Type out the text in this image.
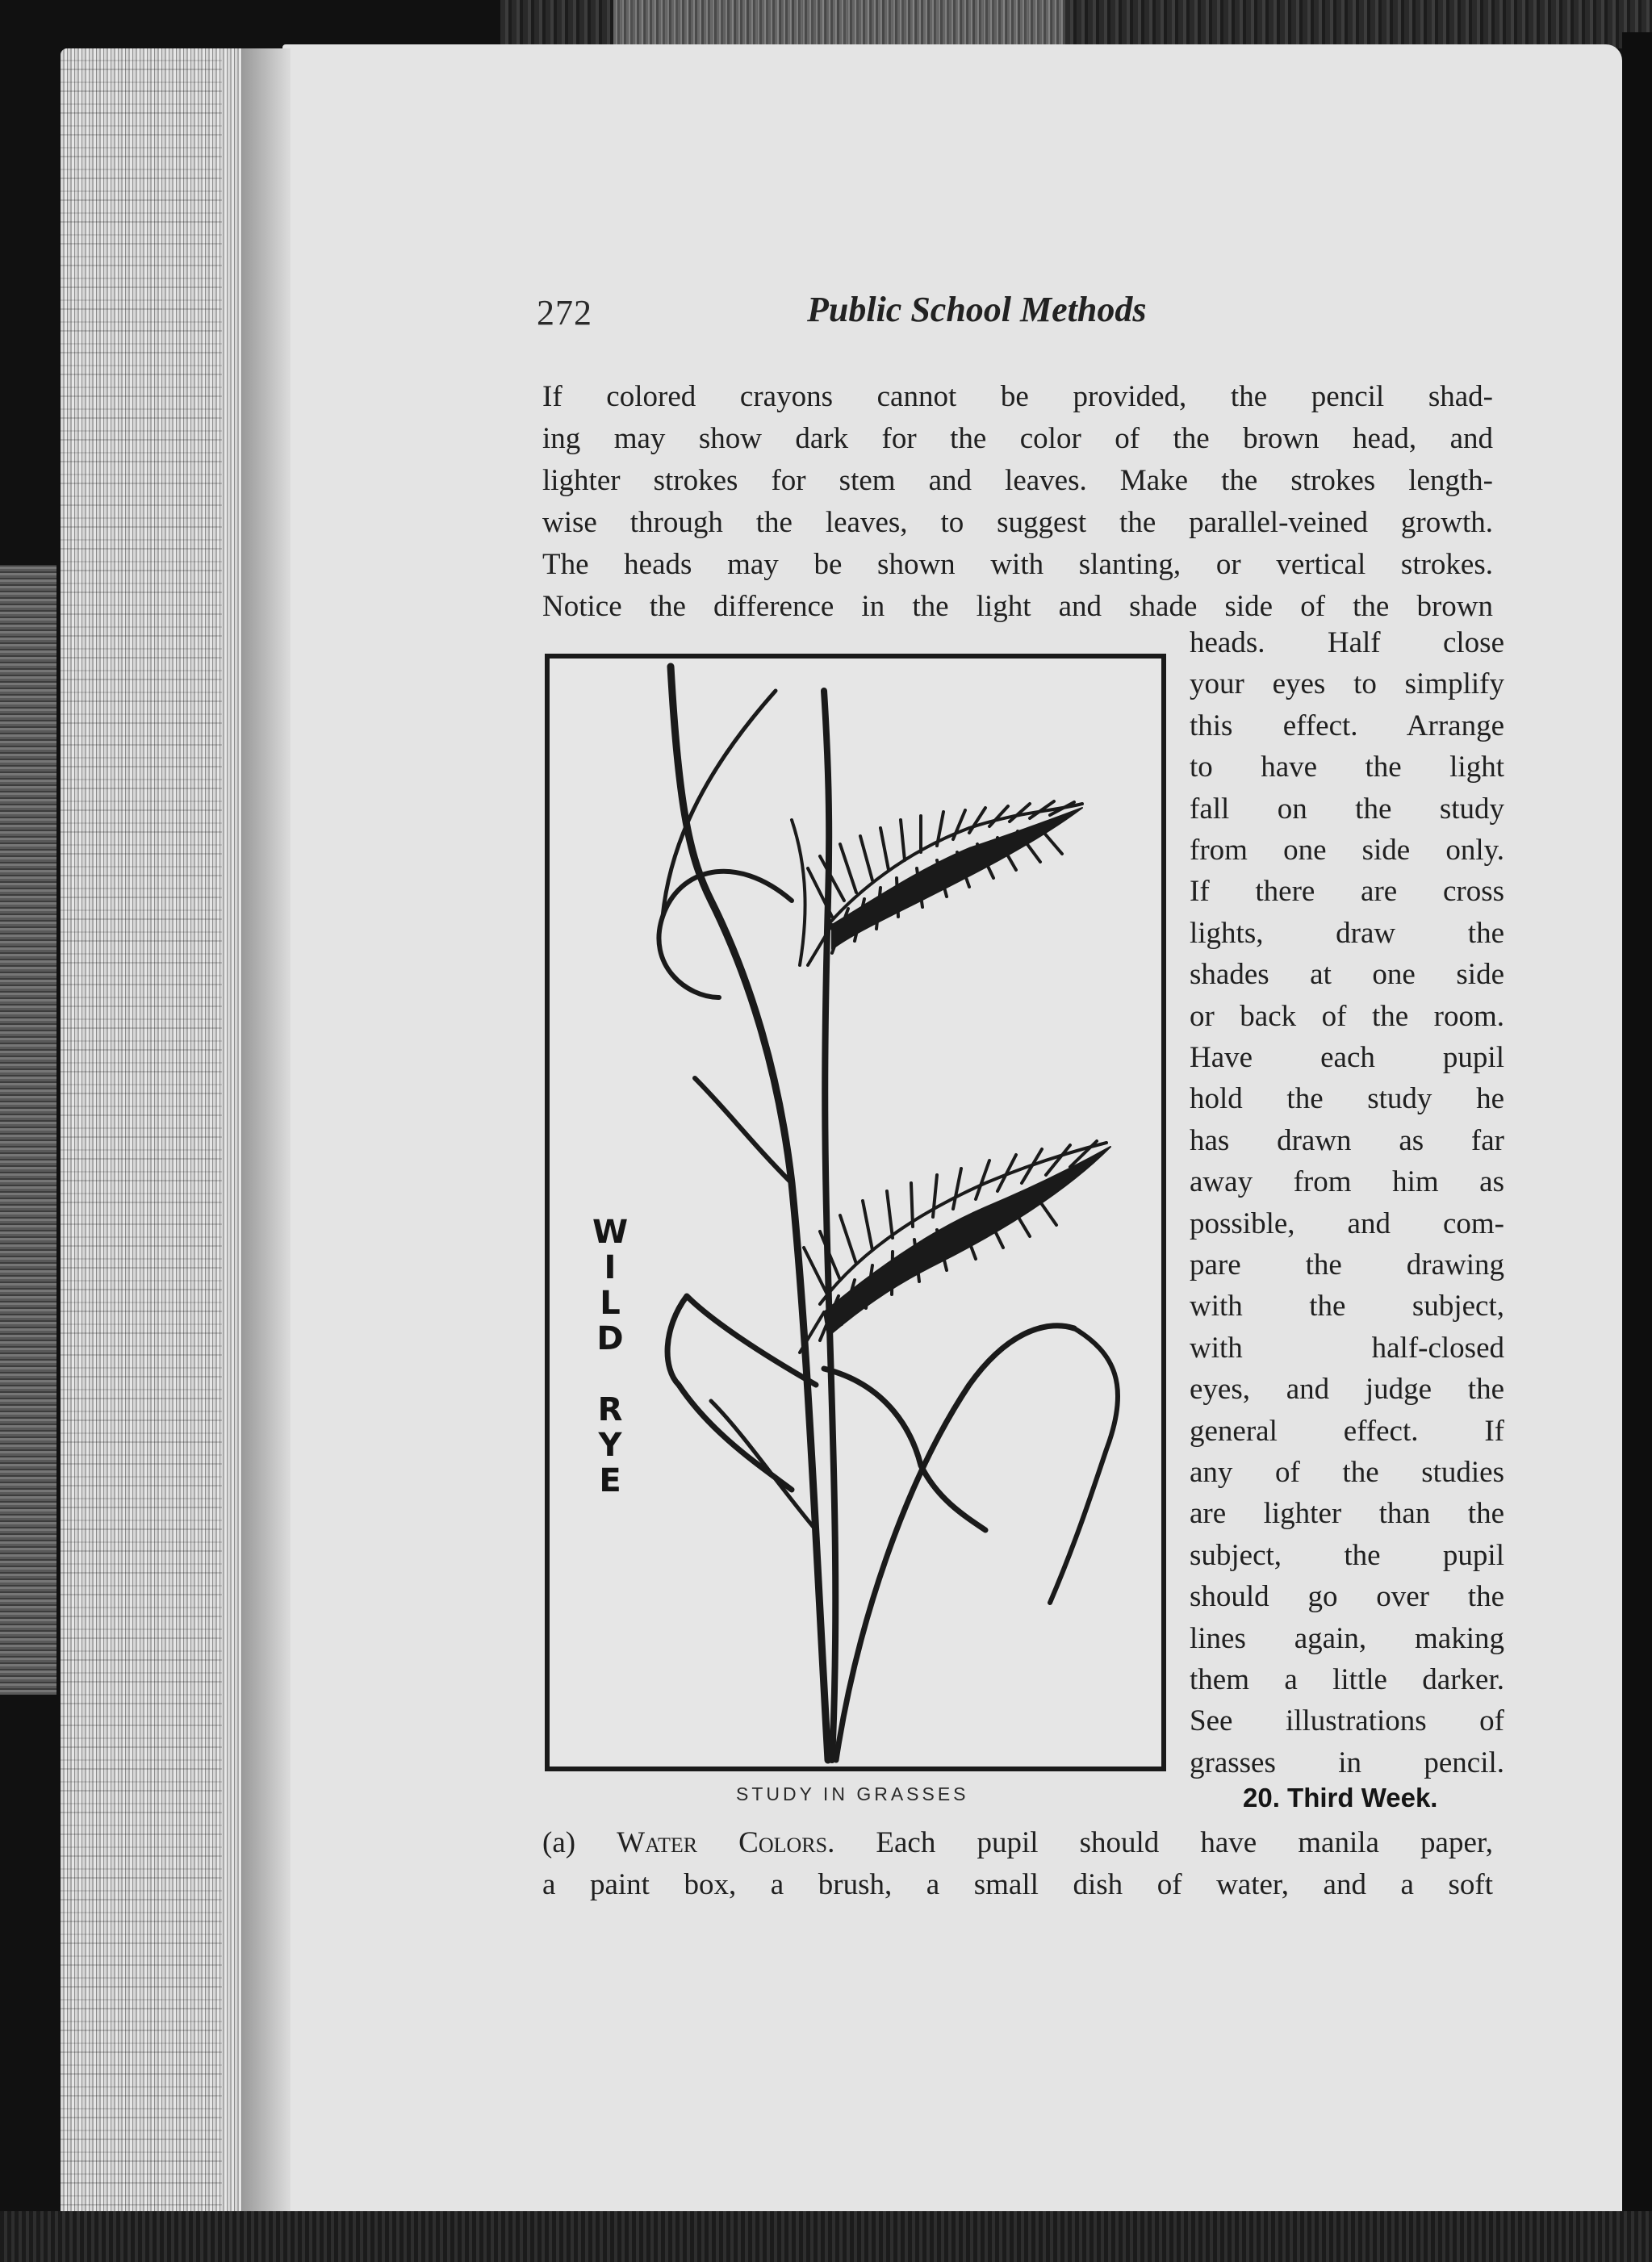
272	Public School Methods
If colored crayons cannot be provided, the pencil shad-
ing may show dark for the color of the brown head, and
lighter strokes for stem and leaves. Make the strokes length-
wise through the leaves, to suggest the parallel-veined growth.
The heads may be shown with slanting, or vertical strokes.
Notice the difference in the light and shade side of the brown
heads. Half close
your eyes to simplify
this effect. Arrange
to have the light
fall on the study
from one side only.
If there are cross
lights, draw the
shades at one side
or back of the room.
Have each pupil
hold the study he
has drawn as far
away from him as
possible, and com-
pare the drawing
with the subject,
with half-closed
eyes, and judge the
general effect. If
any of the studies
are lighter than the
subject, the pupil
should go over the
lines again, making
them a little darker.
See illustrations of
grasses in pencil.
W
I
L
D

R
Y
E
STUDY IN GRASSES	20. Third Week.
(a) Water Colors. Each pupil should have manila paper,
a paint box, a brush, a small dish of water, and a soft
